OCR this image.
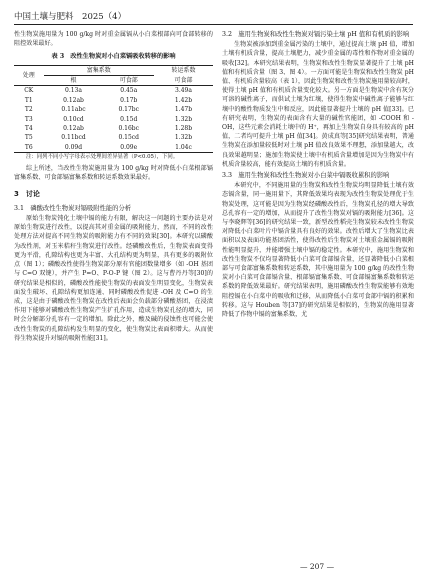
中国土壤与肥料　 2025（4）

性生物炭施用量为 100 g/kg 时对重金属镉从小白菜根部向可食部转移的阻控效果最好。

表 3　改性生物炭对小白菜镉吸收转移的影响
处理	富集系数		转运系数
	根	可食部	可食部
CK	0.13a	0.45a	3.49a
T1	0.12ab	0.17b	1.42b
T2	0.11abc	0.17bc	1.47b
T3	0.10cd	0.15d	1.32b
T4	0.12ab	0.16bc	1.28b
T5	0.11bcd	0.15cd	1.32b
T6	0.09d	0.09e	1.04c

注：同列不同小写字母表示处理间差异显著（P<0.05），下同。

综上所述，当改性生物炭施用量为 100 g/kg 时对降低小白菜根部镉富集系数、可食部镉富集系数和转运系数效果最好。

3　讨论
3.1　磷酸改性生物炭对镉吸附性能的分析

原始生物炭钝化土壤中镉的能力有限，解决这一问题的主要办法是对原始生物炭进行改性，以提高其对重金属的吸附能力，然而，不同的改性处理方法对提高不同生物炭的吸附能力有不同的效果[30]。本研究以磷酸为改性剂，对玉米秸秆生物炭进行改性。经磷酸改性后，生物炭表面变得更为平滑，孔隙结构也更为丰富、大孔结构更为明显，具有更多的吸附位点（图 1）；磷酸改性使得生物炭部分原有官能团数量增多（如 -OH 基团与 C=O 双键），并产生 P=O、P-O-P 键（图 2）。这与曹丹丹等[30]的研究结果是相似的，磷酸改性能使生物炭的表面发生明显变化，生物炭表面发生破坏、孔隙结构更加连通、同时磷酸改性促进 -OH 及 C=O 的生成，这是由于磷酸改性生物炭在改性后表面会负载部分磷酸基团，在浸渍作用下能够对磷酸改性生物炭产生扩孔作用，造成生物炭孔径的增大，同时会分解部分孔容有一定的增加。除此之外，酸及碱的侵蚀性也可能会使改性生物炭的孔隙结构发生明显的变化，使生物炭比表面积增大。从而使得生物炭提升对镉的吸附性能[31]。

3.2　施用生物炭和改性生物炭对镉污染土壤 pH 值和有机质的影响

生物炭被添加到重金属污染的土壤中，通过提高土壤 pH 值，增加土壤有机质含量，提高土壤肥力，减少重金属的毒性和作物对重金属的吸收[32]。本研究结果表明，生物炭和改性生物炭显著提升了土壤 pH 值和有机质含量（图 3、图 4）。一方面可能是生物炭和改性生物炭 pH 值、有机质含量较高（表 1），因此生物炭和改性生物炭施用量较高时，使得土壤 pH 值和有机质含量变化较大。另一方面是生物炭中含有灰分可溶的碱性离子，而供试土壤为红壤，使得生物炭中碱性离子能够与红壤中的酸性物质发生中和反应，因此能显著提升土壤的 pH 值[33]。已有研究表明，生物炭的表面含有大量的碱性官能团，如 -COOH 和 -OH，这些元素会消耗土壤中的 H⁺，再加上生物炭自身具有较高的 pH 值，二者均可提升土壤 pH 值[34]。黄成真等[35]研究结果表明，普通生物炭在添加量较低时对土壤 pH 值改良效果不理想，添加量越大，改良效果越明显；施加生物炭使土壤中有机质含量增加是因为生物炭中有机质含量较高，能有效提高土壤的有机质含量。

3.3　施用生物炭和改性生物炭对小白菜中镉吸收累积的影响

本研究中，不同施用量的生物炭和改性生物炭均明显降低土壤有效态镉含量，同一施用量下，其降低效果均表现为改性生物炭处理优于生物炭处理，这可能是因为生物炭经磷酸改性后，生物炭孔径的增大导致总孔容有一定的增加，从而提升了改性生物炭对镉的吸附能力[36]。这与李晓辉等[36]的研究结果一致，新型改性稻壳生物炭较未改性生物炭对降低小白菜叶片中镉含量具有良好的效果。改性后增大了生物炭比表面积以及表面功能基团活性，使得改性后生物炭对土壤重金属镉的吸附性能明显提升，并能增强土壤中镉的稳定性。本研究中，施用生物炭和改性生物炭不仅均显著降低小白菜可食部镉含量，还显著降低小白菜根部与可食部富集系数和转运系数，其中施用量为 100 g/kg 的改性生物炭对小白菜可食部镉含量、根部镉富集系数、可食部镉富集系数和转运系数的降低效果最好。研究结果表明，施用磷酸改性生物炭能够有效地阻控镉在小白菜中的吸收和迁移，从而降低小白菜可食部中镉的积累和转移。这与 Houben 等[37]的研究结果是相似的，生物炭的施用显著降低了作物中镉的富集系数，尤

— 207 —
